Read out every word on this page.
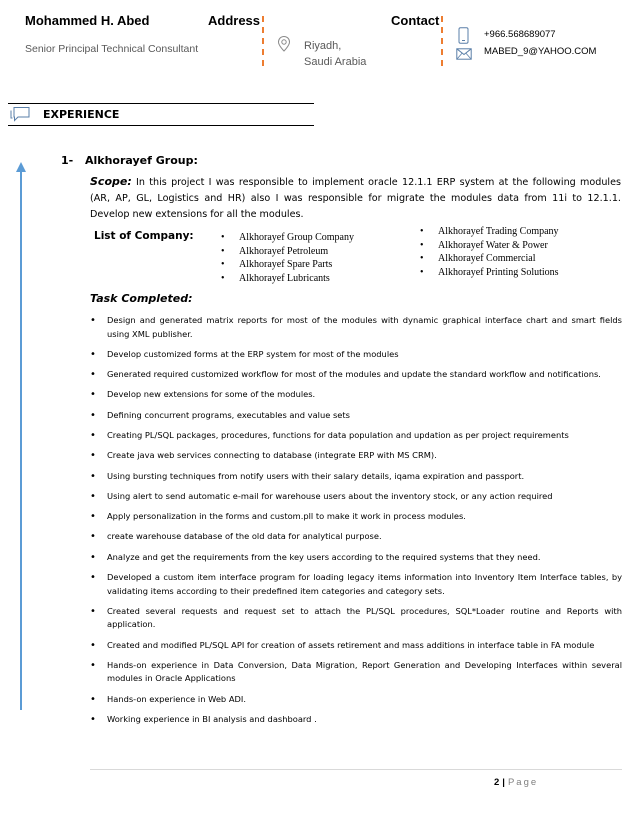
Mohammed H. Abed
Senior Principal Technical Consultant
Address	Contact
Riyadh,
Saudi Arabia
+966.568689077
MABED_9@YAHOO.COM
EXPERIENCE
1- Alkhorayef Group:
Scope: In this project I was responsible to implement oracle 12.1.1 ERP system at the following modules (AR, AP, GL, Logistics and HR) also I was responsible for migrate the modules data from 11i to 12.1.1. Develop new extensions for all the modules.
List of Company:
•	Alkhorayef Group Company
• Alkhorayef Petroleum
• Alkhorayef Spare Parts
• Alkhorayef Lubricants
• Alkhorayef Trading Company
• Alkhorayef Water & Power
• Alkhorayef Commercial
• Alkhorayef Printing Solutions
Task Completed:
• Design and generated matrix reports for most of the modules with dynamic graphical interface chart and smart fields using XML publisher.
• Develop customized forms at the ERP system for most of the modules
• Generated required customized workflow for most of the modules and update the standard workflow and notifications.
• Develop new extensions for some of the modules.
• Defining concurrent programs, executables and value sets
• Creating PL/SQL packages, procedures, functions for data population and updation as per project requirements
• Create java web services connecting to database (integrate ERP with MS CRM).
• Using bursting techniques from notify users with their salary details, iqama expiration and passport.
• Using alert to send automatic e-mail for warehouse users about the inventory stock, or any action required
• Apply personalization in the forms and custom.pll to make it work in process modules.
• create warehouse database of the old data for analytical purpose.
• Analyze and get the requirements from the key users according to the required systems that they need.
• Developed a custom item interface program for loading legacy items information into Inventory Item Interface tables, by validating items according to their predefined item categories and category sets.
• Created several requests and request set to attach the PL/SQL procedures, SQL*Loader routine and Reports with application.
• Created and modified PL/SQL API for creation of assets retirement and mass additions in interface table in FA module
• Hands-on experience in Data Conversion, Data Migration, Report Generation and Developing Interfaces within several modules in Oracle Applications
• Hands-on experience in Web ADI.
• Working experience in BI analysis and dashboard .
2 | Page
